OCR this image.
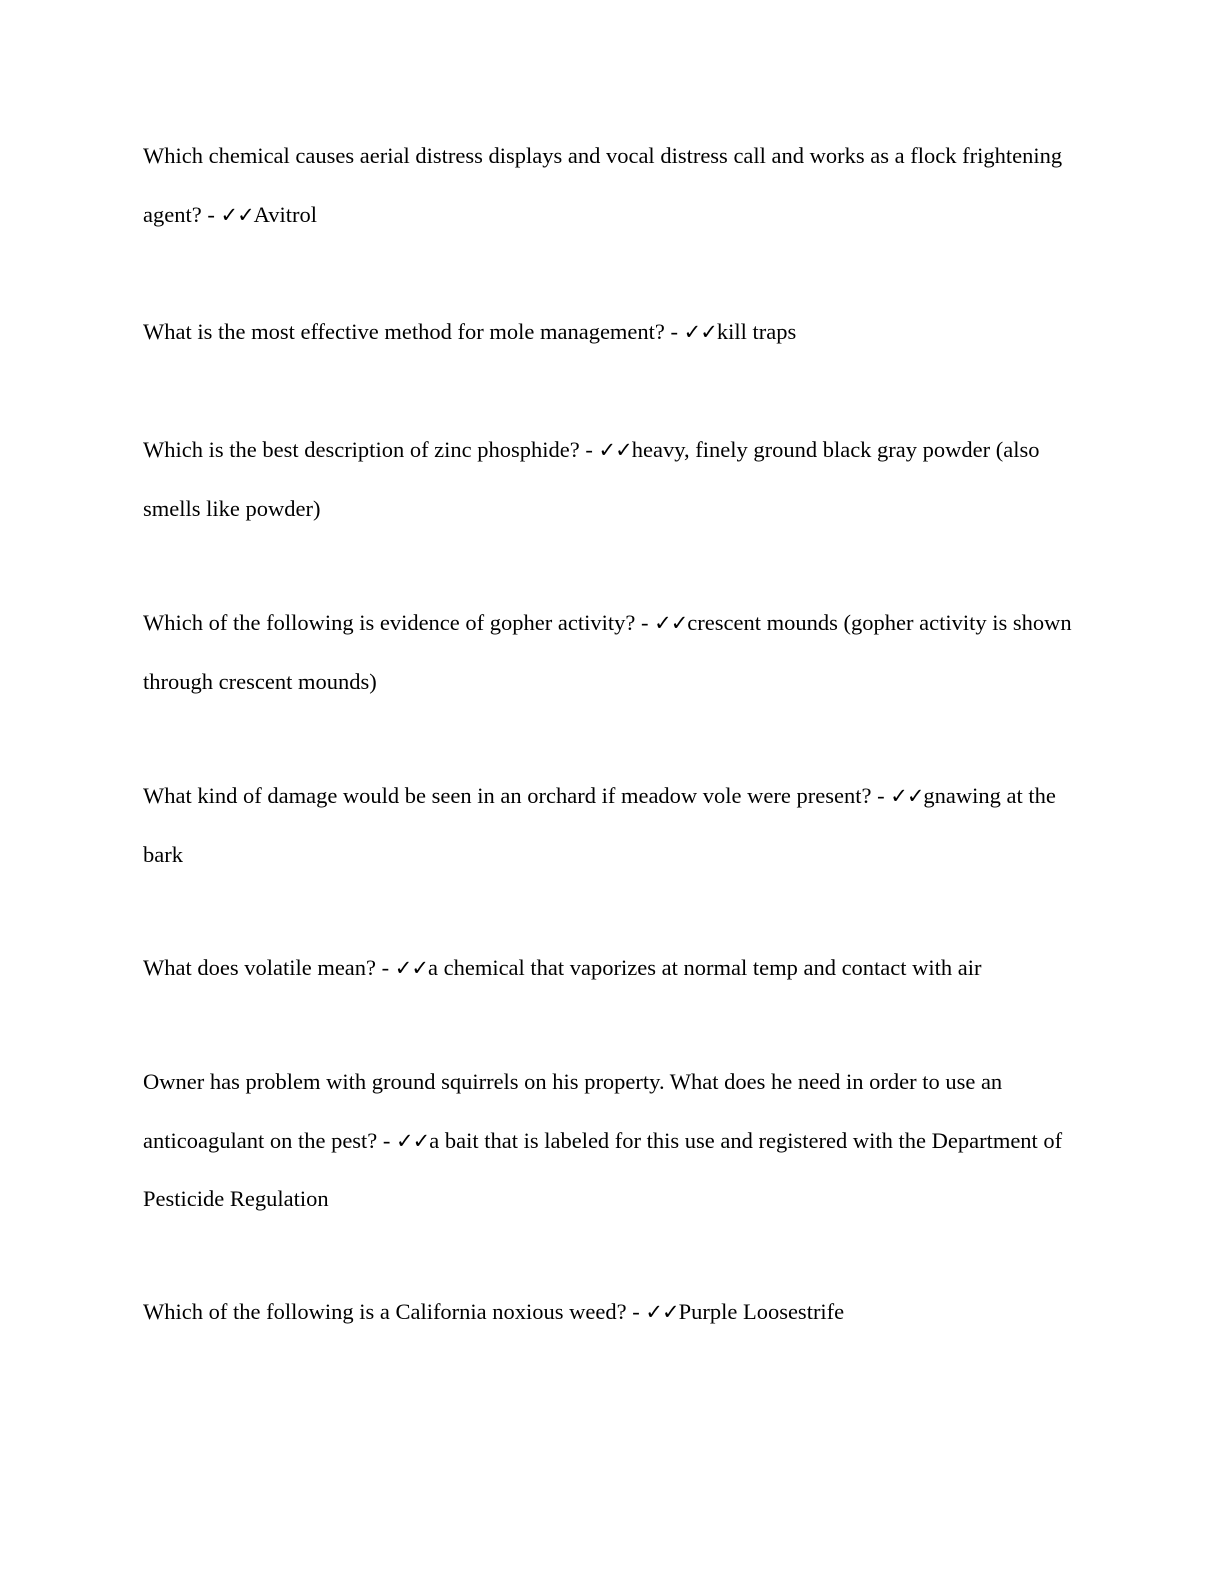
Which chemical causes aerial distress displays and vocal distress call and works as a flock frightening agent? - ✓✓Avitrol

What is the most effective method for mole management? - ✓✓kill traps

Which is the best description of zinc phosphide? - ✓✓heavy, finely ground black gray powder (also smells like powder)

Which of the following is evidence of gopher activity? - ✓✓crescent mounds (gopher activity is shown through crescent mounds)

What kind of damage would be seen in an orchard if meadow vole were present? - ✓✓gnawing at the bark

What does volatile mean? - ✓✓a chemical that vaporizes at normal temp and contact with air

Owner has problem with ground squirrels on his property. What does he need in order to use an anticoagulant on the pest? - ✓✓a bait that is labeled for this use and registered with the Department of Pesticide Regulation

Which of the following is a California noxious weed? - ✓✓Purple Loosestrife
